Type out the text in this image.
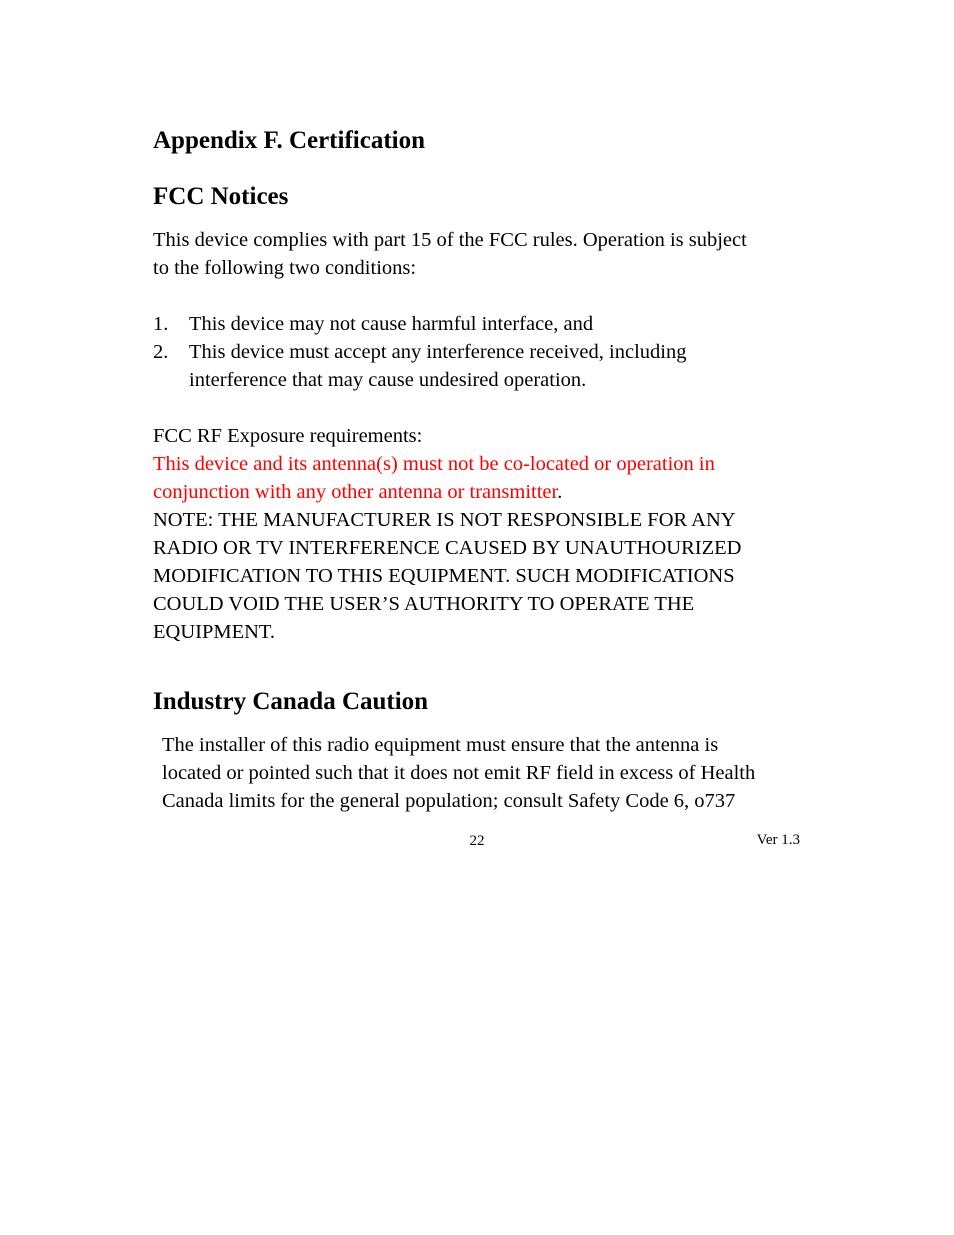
Appendix F. Certification
FCC Notices

This device complies with part 15 of the FCC rules. Operation is subject

to the following two conditions:

1. This device may not cause harmful interface, and
2. This device must accept any interference received, including
interference that may cause undesired operation.

FCC RF Exposure requirements:

This device and its antenna(s) must not be co-located or operation in

conjunction with any other antenna or transmitter.

NOTE: THE MANUFACTURER IS NOT RESPONSIBLE FOR ANY

RADIO OR TV INTERFERENCE CAUSED BY UNAUTHOURIZED

MODIFICATION TO THIS EQUIPMENT. SUCH MODIFICATIONS

COULD VOID THE USER’S AUTHORITY TO OPERATE THE

EQUIPMENT.

Industry Canada Caution

The installer of this radio equipment must ensure that the antenna is

located or pointed such that it does not emit RF field in excess of Health

Canada limits for the general population; consult Safety Code 6, o737

22	Ver 1.3
